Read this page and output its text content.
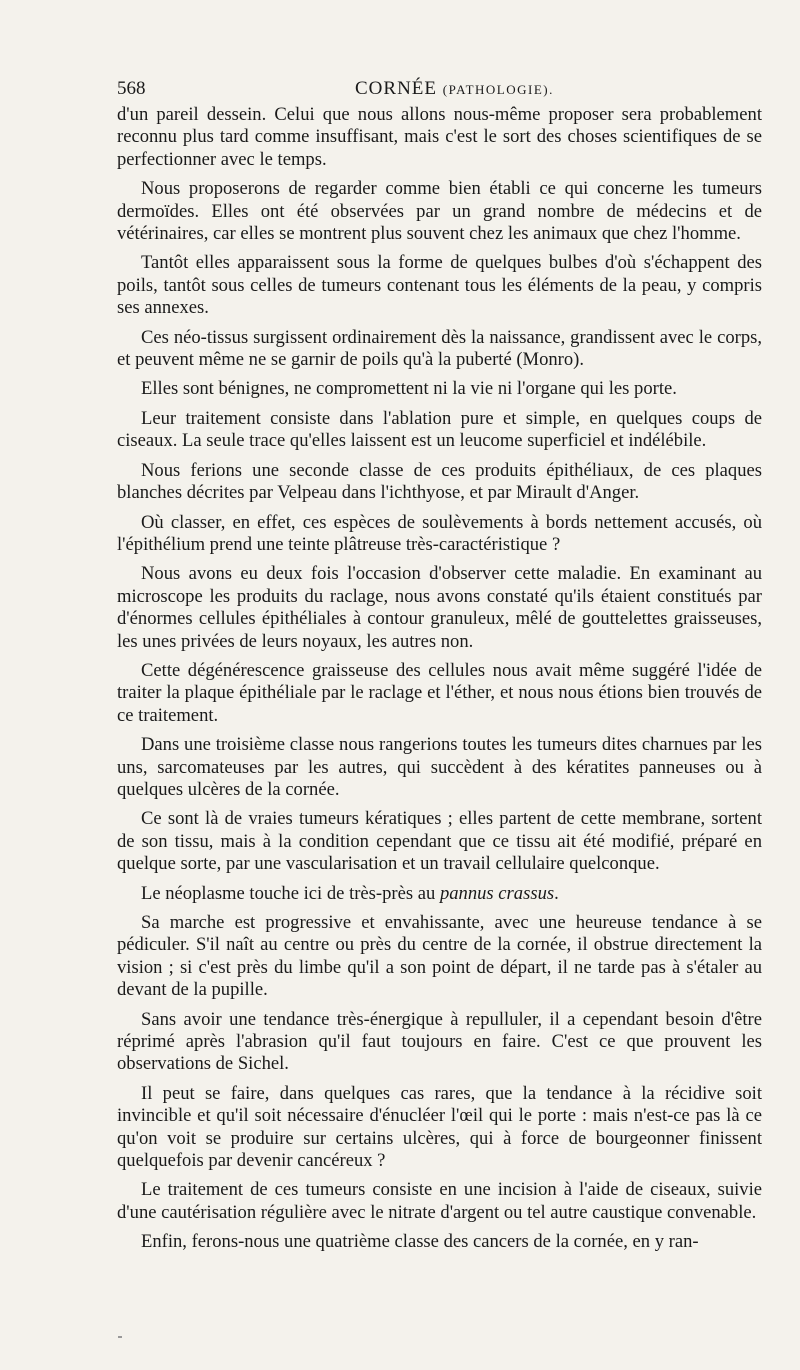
568	CORNÉE (PATHOLOGIE).

d'un pareil dessein. Celui que nous allons nous-même proposer sera probablement reconnu plus tard comme insuffisant, mais c'est le sort des choses scientifiques de se perfectionner avec le temps.

Nous proposerons de regarder comme bien établi ce qui concerne les tumeurs dermoïdes. Elles ont été observées par un grand nombre de médecins et de vétérinaires, car elles se montrent plus souvent chez les animaux que chez l'homme.

Tantôt elles apparaissent sous la forme de quelques bulbes d'où s'échappent des poils, tantôt sous celles de tumeurs contenant tous les éléments de la peau, y compris ses annexes.

Ces néo-tissus surgissent ordinairement dès la naissance, grandissent avec le corps, et peuvent même ne se garnir de poils qu'à la puberté (Monro).

Elles sont bénignes, ne compromettent ni la vie ni l'organe qui les porte.

Leur traitement consiste dans l'ablation pure et simple, en quelques coups de ciseaux. La seule trace qu'elles laissent est un leucome superficiel et indélébile.

Nous ferions une seconde classe de ces produits épithéliaux, de ces plaques blanches décrites par Velpeau dans l'ichthyose, et par Mirault d'Anger.

Où classer, en effet, ces espèces de soulèvements à bords nettement accusés, où l'épithélium prend une teinte plâtreuse très-caractéristique ?

Nous avons eu deux fois l'occasion d'observer cette maladie. En examinant au microscope les produits du raclage, nous avons constaté qu'ils étaient constitués par d'énormes cellules épithéliales à contour granuleux, mêlé de gouttelettes graisseuses, les unes privées de leurs noyaux, les autres non.

Cette dégénérescence graisseuse des cellules nous avait même suggéré l'idée de traiter la plaque épithéliale par le raclage et l'éther, et nous nous étions bien trouvés de ce traitement.

Dans une troisième classe nous rangerions toutes les tumeurs dites charnues par les uns, sarcomateuses par les autres, qui succèdent à des kératites panneuses ou à quelques ulcères de la cornée.

Ce sont là de vraies tumeurs kératiques ; elles partent de cette membrane, sortent de son tissu, mais à la condition cependant que ce tissu ait été modifié, préparé en quelque sorte, par une vascularisation et un travail cellulaire quelconque.

Le néoplasme touche ici de très-près au pannus crassus.

Sa marche est progressive et envahissante, avec une heureuse tendance à se pédiculer. S'il naît au centre ou près du centre de la cornée, il obstrue directement la vision ; si c'est près du limbe qu'il a son point de départ, il ne tarde pas à s'étaler au devant de la pupille.

Sans avoir une tendance très-énergique à repulluler, il a cependant besoin d'être réprimé après l'abrasion qu'il faut toujours en faire. C'est ce que prouvent les observations de Sichel.

Il peut se faire, dans quelques cas rares, que la tendance à la récidive soit invincible et qu'il soit nécessaire d'énucléer l'œil qui le porte : mais n'est-ce pas là ce qu'on voit se produire sur certains ulcères, qui à force de bourgeonner finissent quelquefois par devenir cancéreux ?

Le traitement de ces tumeurs consiste en une incision à l'aide de ciseaux, suivie d'une cautérisation régulière avec le nitrate d'argent ou tel autre caustique convenable.

Enfin, ferons-nous une quatrième classe des cancers de la cornée, en y ran-
